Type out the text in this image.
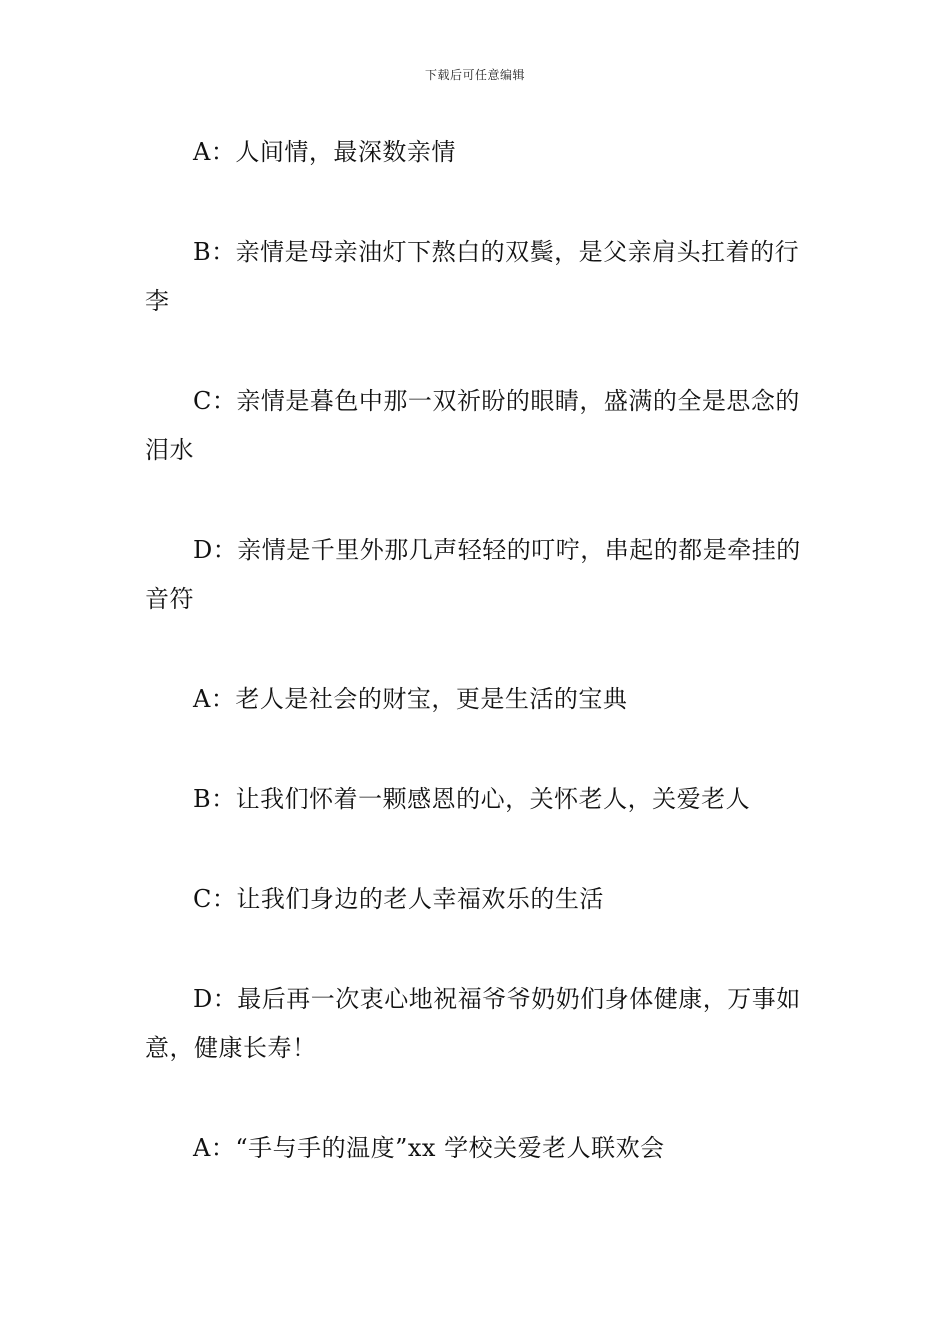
下载后可任意编辑

A：人间情，最深数亲情

B：亲情是母亲油灯下熬白的双鬓，是父亲肩头扛着的行李

C：亲情是暮色中那一双祈盼的眼睛，盛满的全是思念的泪水

D：亲情是千里外那几声轻轻的叮咛，串起的都是牵挂的音符

A：老人是社会的财宝，更是生活的宝典

B：让我们怀着一颗感恩的心，关怀老人，关爱老人

C：让我们身边的老人幸福欢乐的生活

D：最后再一次衷心地祝福爷爷奶奶们身体健康，万事如意，健康长寿！

A：“手与手的温度”xx 学校关爱老人联欢会
